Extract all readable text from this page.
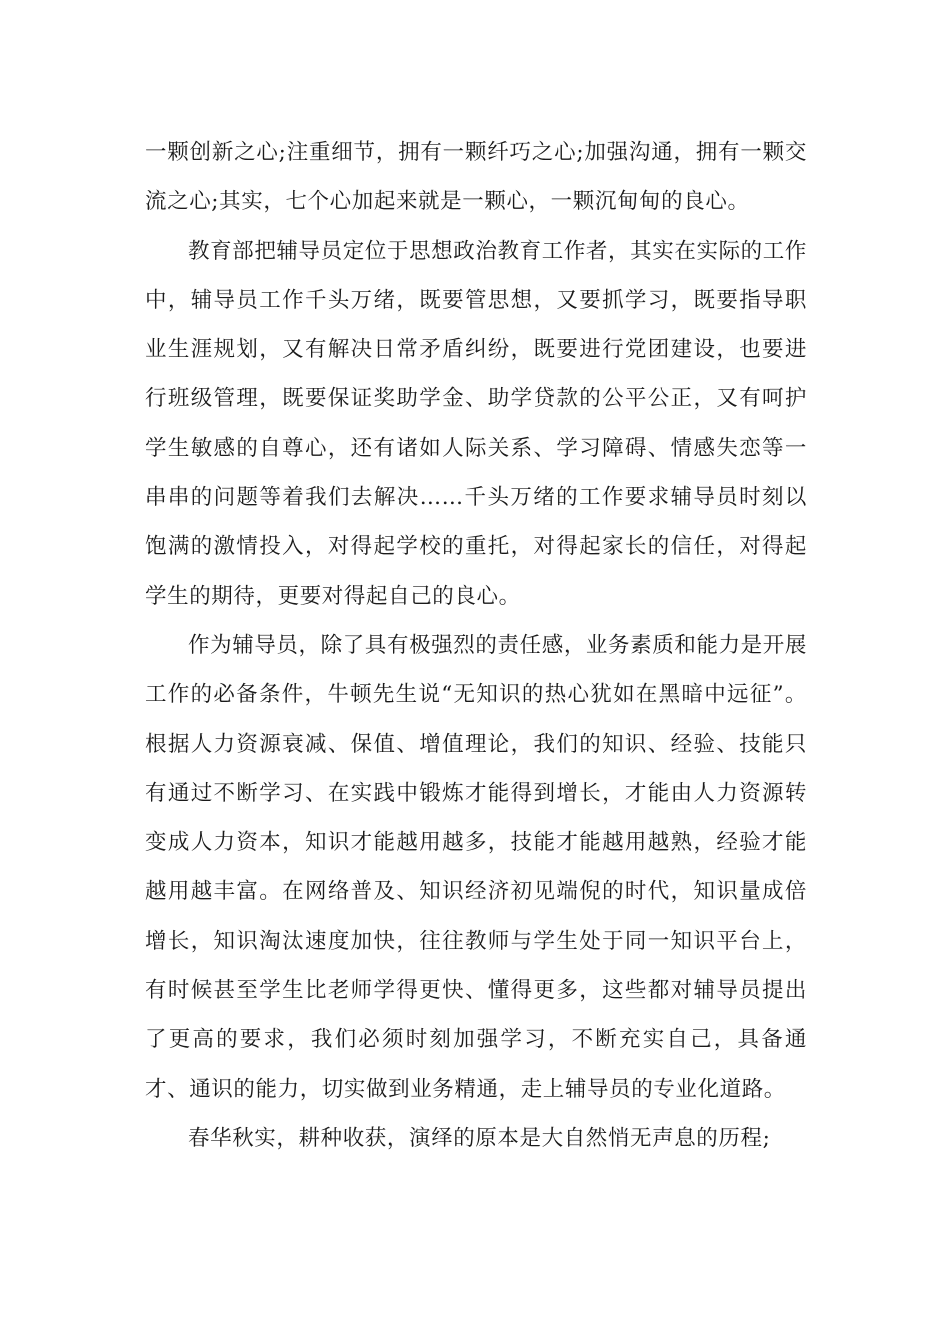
一颗创新之心;注重细节，拥有一颗纤巧之心;加强沟通，拥有一颗交流之心;其实，七个心加起来就是一颗心，一颗沉甸甸的良心。

教育部把辅导员定位于思想政治教育工作者，其实在实际的工作中，辅导员工作千头万绪，既要管思想，又要抓学习，既要指导职业生涯规划，又有解决日常矛盾纠纷，既要进行党团建设，也要进行班级管理，既要保证奖助学金、助学贷款的公平公正，又有呵护学生敏感的自尊心，还有诸如人际关系、学习障碍、情感失恋等一串串的问题等着我们去解决……千头万绪的工作要求辅导员时刻以饱满的激情投入，对得起学校的重托，对得起家长的信任，对得起学生的期待，更要对得起自己的良心。

作为辅导员，除了具有极强烈的责任感，业务素质和能力是开展工作的必备条件，牛顿先生说“无知识的热心犹如在黑暗中远征”。根据人力资源衰减、保值、增值理论，我们的知识、经验、技能只有通过不断学习、在实践中锻炼才能得到增长，才能由人力资源转变成人力资本，知识才能越用越多，技能才能越用越熟，经验才能越用越丰富。在网络普及、知识经济初见端倪的时代，知识量成倍增长，知识淘汰速度加快，往往教师与学生处于同一知识平台上，有时候甚至学生比老师学得更快、懂得更多，这些都对辅导员提出了更高的要求，我们必须时刻加强学习，不断充实自己，具备通才、通识的能力，切实做到业务精通，走上辅导员的专业化道路。

春华秋实，耕种收获，演绎的原本是大自然悄无声息的历程;
